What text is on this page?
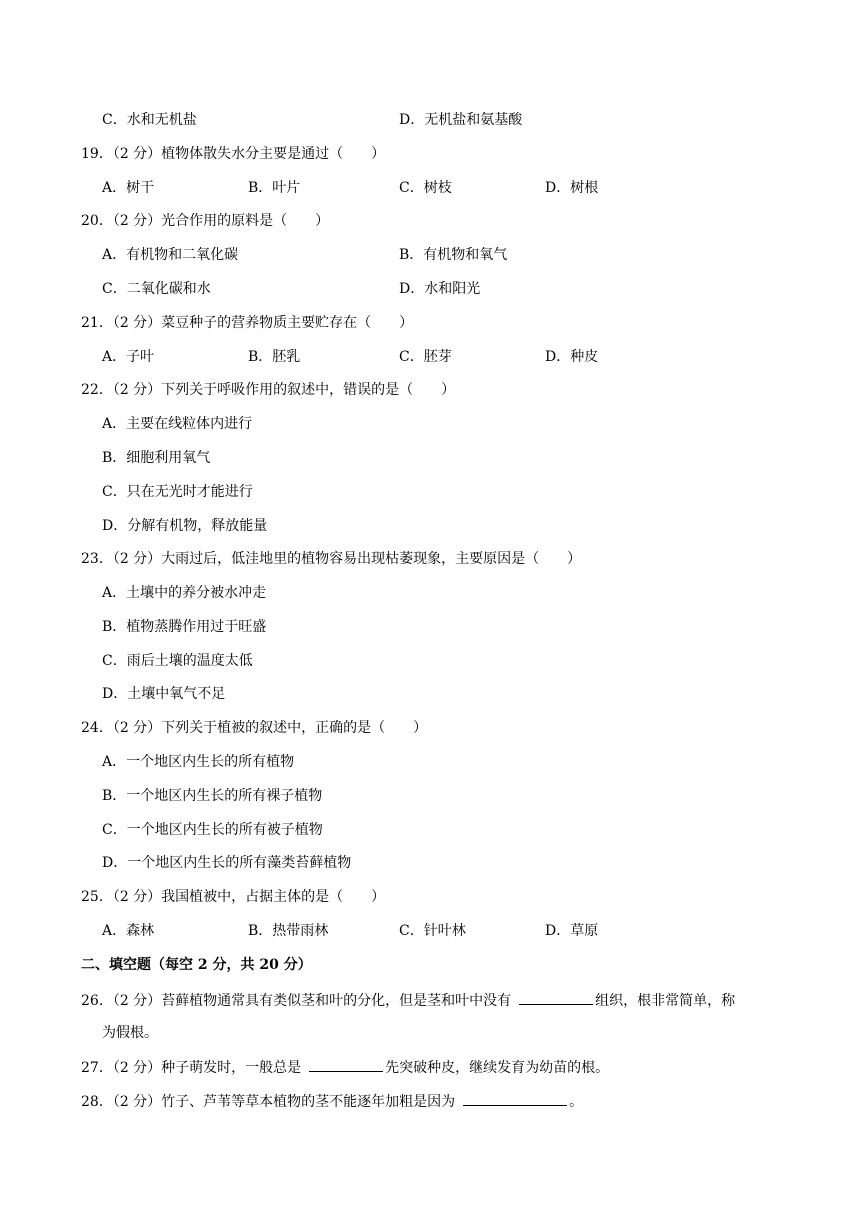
C．水和无机盐	D．无机盐和氨基酸
19．（2 分）植物体散失水分主要是通过（　　）
A．树干	B．叶片	C．树枝	D．树根
20．（2 分）光合作用的原料是（　　）
A．有机物和二氧化碳	B．有机物和氧气
C．二氧化碳和水	D．水和阳光
21．（2 分）菜豆种子的营养物质主要贮存在（　　）
A．子叶	B．胚乳	C．胚芽	D．种皮
22．（2 分）下列关于呼吸作用的叙述中，错误的是（　　）
A．主要在线粒体内进行
B．细胞利用氧气
C．只在无光时才能进行
D．分解有机物，释放能量
23．（2 分）大雨过后，低洼地里的植物容易出现枯萎现象，主要原因是（　　）
A．土壤中的养分被水冲走
B．植物蒸腾作用过于旺盛
C．雨后土壤的温度太低
D．土壤中氧气不足
24．（2 分）下列关于植被的叙述中，正确的是（　　）
A．一个地区内生长的所有植物
B．一个地区内生长的所有裸子植物
C．一个地区内生长的所有被子植物
D．一个地区内生长的所有藻类苔藓植物
25．（2 分）我国植被中，占据主体的是（　　）
A．森林	B．热带雨林	C．针叶林	D．草原
二、填空题（每空 2 分，共 20 分）
26．（2 分）苔藓植物通常具有类似茎和叶的分化，但是茎和叶中没有	组织，根非常简单，称
为假根。
27．（2 分）种子萌发时，一般总是	先突破种皮，继续发育为幼苗的根。
28．（2 分）竹子、芦苇等草本植物的茎不能逐年加粗是因为	。
